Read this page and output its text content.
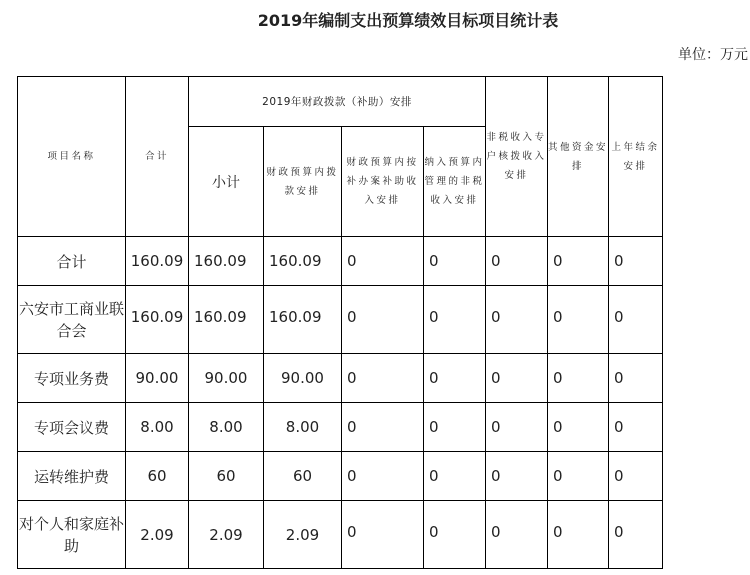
2019年编制支出预算绩效目标项目统计表
单位：万元
项目名称	合计	2019年财政拨款（补助）安排				非税收入专户核拨收入安排	其他资金安排	上年结余安排
		小计	财政预算内拨款安排	财政预算内按补办案补助收入安排	纳入预算内管理的非税收入安排			
合计	160.09	160.09	160.09	0	0	0	0	0
六安市工商业联合会	160.09	160.09	160.09	0	0	0	0	0
专项业务费	90.00	90.00	90.00	0	0	0	0	0
专项会议费	8.00	8.00	8.00	0	0	0	0	0
运转维护费	60	60	60	0	0	0	0	0
对个人和家庭补助	2.09	2.09	2.09	0	0	0	0	0
